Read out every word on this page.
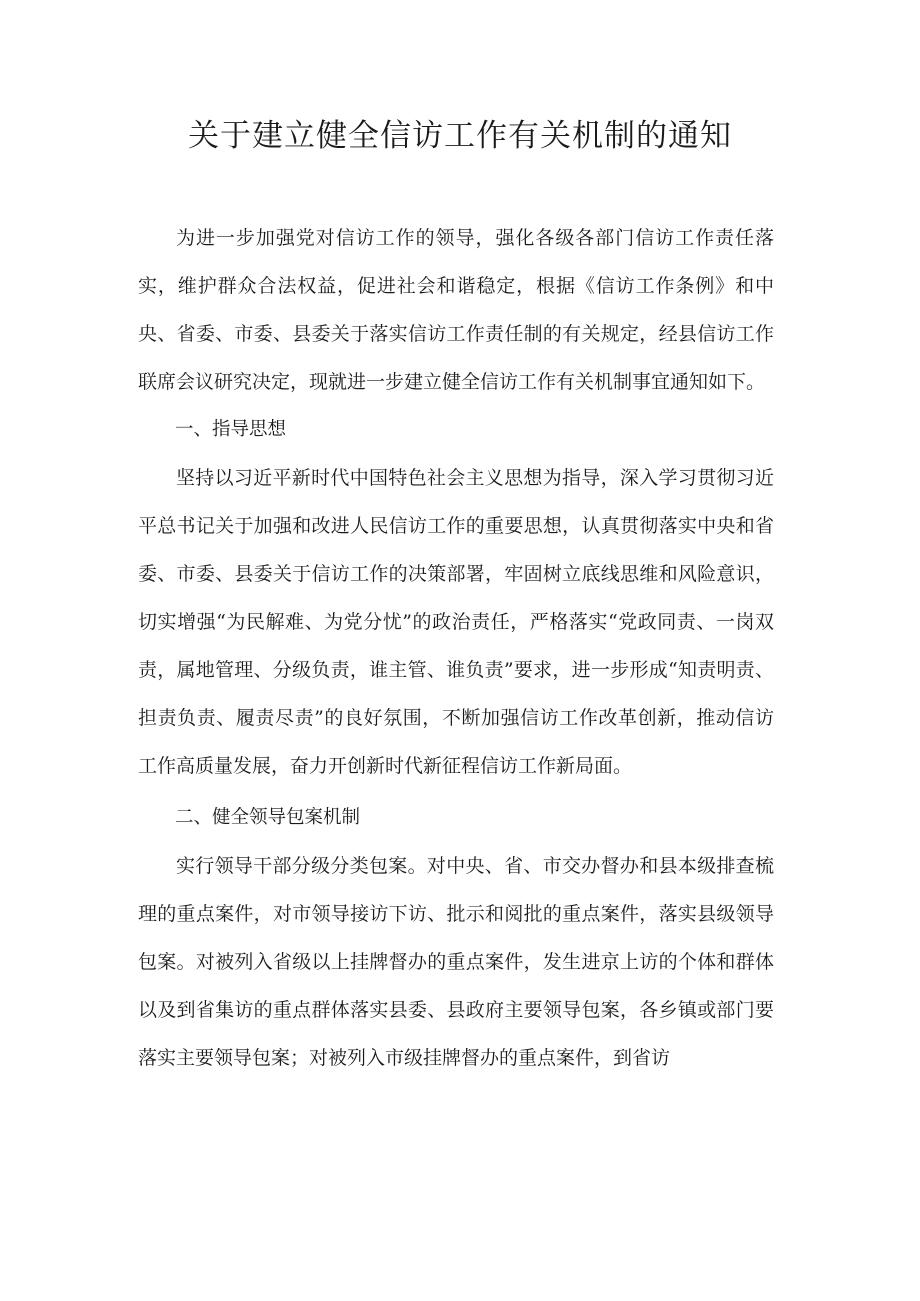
关于建立健全信访工作有关机制的通知

为进一步加强党对信访工作的领导，强化各级各部门信访工作责任落实，维护群众合法权益，促进社会和谐稳定，根据《信访工作条例》和中央、省委、市委、县委关于落实信访工作责任制的有关规定，经县信访工作联席会议研究决定，现就进一步建立健全信访工作有关机制事宜通知如下。

一、指导思想

坚持以习近平新时代中国特色社会主义思想为指导，深入学习贯彻习近平总书记关于加强和改进人民信访工作的重要思想，认真贯彻落实中央和省委、市委、县委关于信访工作的决策部署，牢固树立底线思维和风险意识，切实增强“为民解难、为党分忧”的政治责任，严格落实“党政同责、一岗双责，属地管理、分级负责，谁主管、谁负责”要求，进一步形成“知责明责、担责负责、履责尽责”的良好氛围，不断加强信访工作改革创新，推动信访工作高质量发展，奋力开创新时代新征程信访工作新局面。

二、健全领导包案机制

实行领导干部分级分类包案。对中央、省、市交办督办和县本级排查梳理的重点案件，对市领导接访下访、批示和阅批的重点案件，落实县级领导包案。对被列入省级以上挂牌督办的重点案件，发生进京上访的个体和群体以及到省集访的重点群体落实县委、县政府主要领导包案，各乡镇或部门要落实主要领导包案；对被列入市级挂牌督办的重点案件，到省访
